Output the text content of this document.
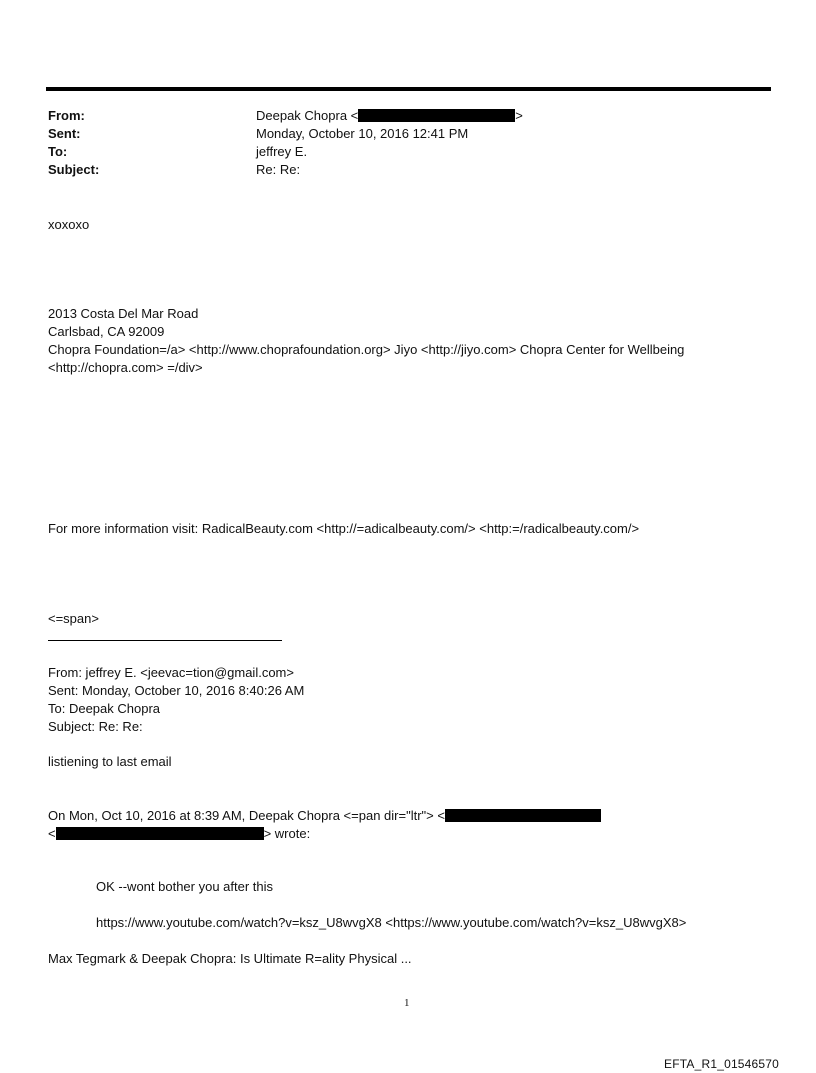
From:	Deepak Chopra <	>
Sent:	Monday, October 10, 2016 12:41 PM
To:	jeffrey E.
Subject:	Re: Re:
xoxoxo
2013 Costa Del Mar Road
Carlsbad, CA 92009
Chopra Foundation=/a> <http://www.choprafoundation.org> Jiyo <http://jiyo.com> Chopra Center for Wellbeing
<http://chopra.com> =/div>
For more information visit: RadicalBeauty.com <http://=adicalbeauty.com/> <http:=/radicalbeauty.com/>
<=span>
From: jeffrey E. <jeevac=tion@gmail.com>
Sent: Monday, October 10, 2016 8:40:26 AM
To: Deepak Chopra
Subject: Re: Re:
listiening to last email
On Mon, Oct 10, 2016 at 8:39 AM, Deepak Chopra <=pan dir="ltr"> <
<	> wrote:
OK --wont bother you after this
https://www.youtube.com/watch?v=ksz_U8wvgX8 <https://www.youtube.com/watch?v=ksz_U8wvgX8>
Max Tegmark & Deepak Chopra: Is Ultimate R=ality Physical ...
1
EFTA_R1_01546570
